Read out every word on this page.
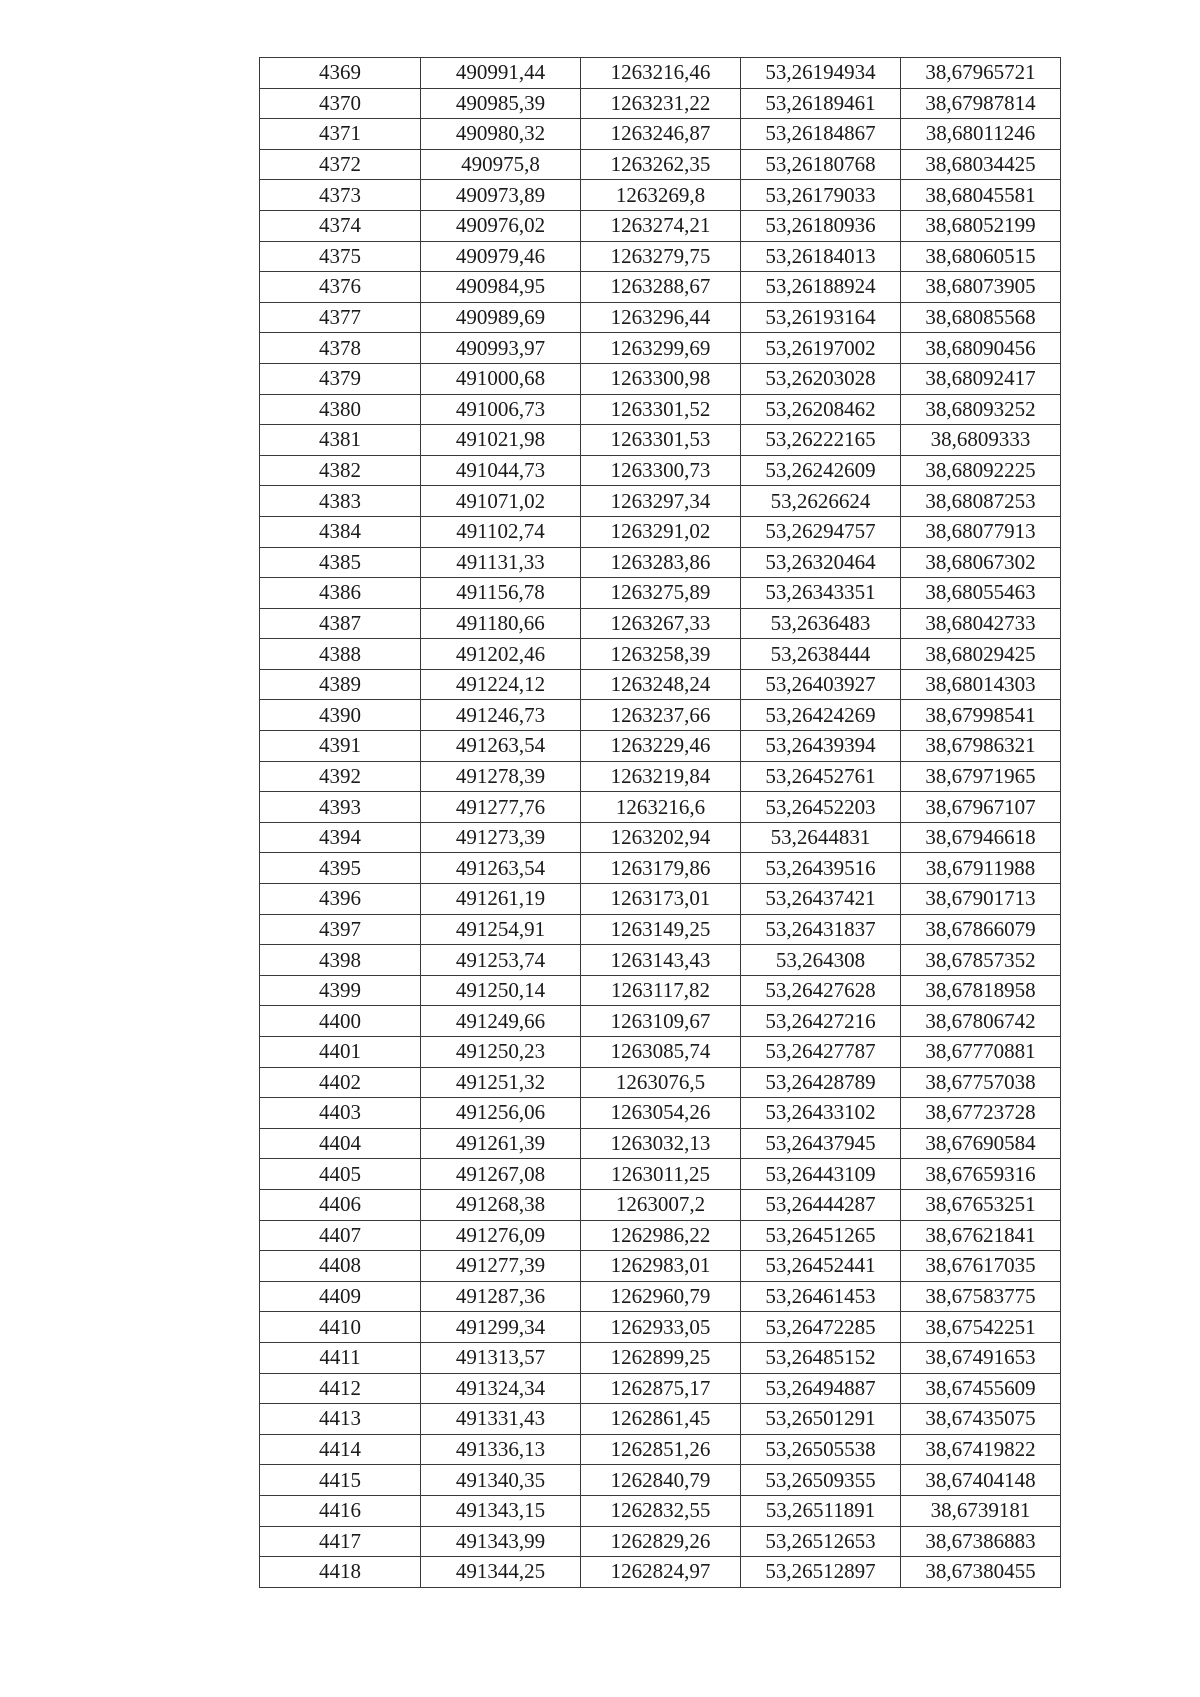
4369	490991,44	1263216,46	53,26194934	38,67965721
4370	490985,39	1263231,22	53,26189461	38,67987814
4371	490980,32	1263246,87	53,26184867	38,68011246
4372	490975,8	1263262,35	53,26180768	38,68034425
4373	490973,89	1263269,8	53,26179033	38,68045581
4374	490976,02	1263274,21	53,26180936	38,68052199
4375	490979,46	1263279,75	53,26184013	38,68060515
4376	490984,95	1263288,67	53,26188924	38,68073905
4377	490989,69	1263296,44	53,26193164	38,68085568
4378	490993,97	1263299,69	53,26197002	38,68090456
4379	491000,68	1263300,98	53,26203028	38,68092417
4380	491006,73	1263301,52	53,26208462	38,68093252
4381	491021,98	1263301,53	53,26222165	38,6809333
4382	491044,73	1263300,73	53,26242609	38,68092225
4383	491071,02	1263297,34	53,2626624	38,68087253
4384	491102,74	1263291,02	53,26294757	38,68077913
4385	491131,33	1263283,86	53,26320464	38,68067302
4386	491156,78	1263275,89	53,26343351	38,68055463
4387	491180,66	1263267,33	53,2636483	38,68042733
4388	491202,46	1263258,39	53,2638444	38,68029425
4389	491224,12	1263248,24	53,26403927	38,68014303
4390	491246,73	1263237,66	53,26424269	38,67998541
4391	491263,54	1263229,46	53,26439394	38,67986321
4392	491278,39	1263219,84	53,26452761	38,67971965
4393	491277,76	1263216,6	53,26452203	38,67967107
4394	491273,39	1263202,94	53,2644831	38,67946618
4395	491263,54	1263179,86	53,26439516	38,67911988
4396	491261,19	1263173,01	53,26437421	38,67901713
4397	491254,91	1263149,25	53,26431837	38,67866079
4398	491253,74	1263143,43	53,264308	38,67857352
4399	491250,14	1263117,82	53,26427628	38,67818958
4400	491249,66	1263109,67	53,26427216	38,67806742
4401	491250,23	1263085,74	53,26427787	38,67770881
4402	491251,32	1263076,5	53,26428789	38,67757038
4403	491256,06	1263054,26	53,26433102	38,67723728
4404	491261,39	1263032,13	53,26437945	38,67690584
4405	491267,08	1263011,25	53,26443109	38,67659316
4406	491268,38	1263007,2	53,26444287	38,67653251
4407	491276,09	1262986,22	53,26451265	38,67621841
4408	491277,39	1262983,01	53,26452441	38,67617035
4409	491287,36	1262960,79	53,26461453	38,67583775
4410	491299,34	1262933,05	53,26472285	38,67542251
4411	491313,57	1262899,25	53,26485152	38,67491653
4412	491324,34	1262875,17	53,26494887	38,67455609
4413	491331,43	1262861,45	53,26501291	38,67435075
4414	491336,13	1262851,26	53,26505538	38,67419822
4415	491340,35	1262840,79	53,26509355	38,67404148
4416	491343,15	1262832,55	53,26511891	38,6739181
4417	491343,99	1262829,26	53,26512653	38,67386883
4418	491344,25	1262824,97	53,26512897	38,67380455
